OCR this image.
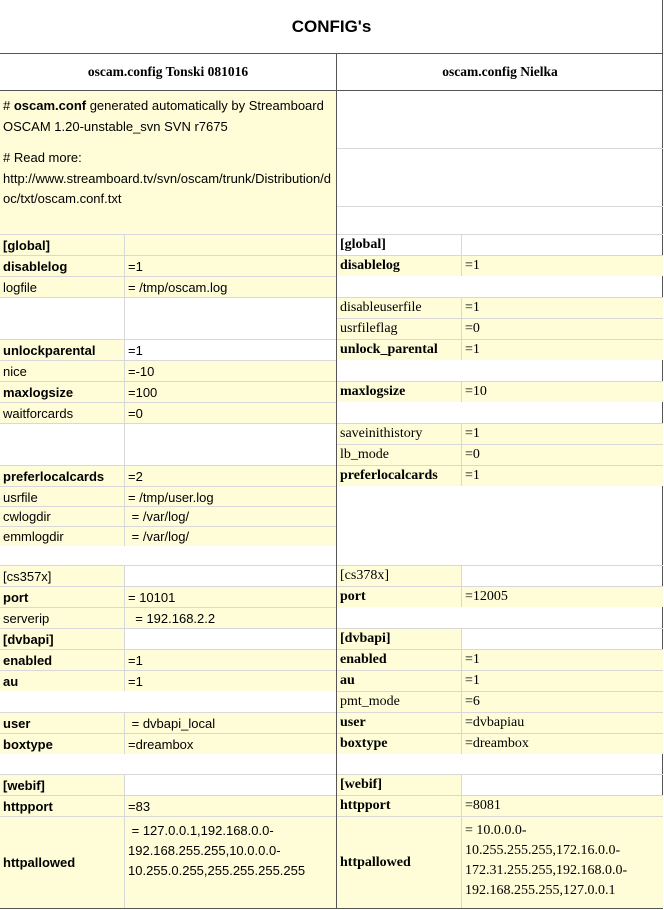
CONFIG's
oscam.config Tonski 081016

# oscam.conf generated automatically by Streamboard OSCAM 1.20-unstable_svn SVN r7675

# Read more:
http://www.streamboard.tv/svn/oscam/trunk/Distribution/doc/txt/oscam.conf.txt

[global]
disablelog	=1
logfile	= /tmp/oscam.log
unlockparental	=1
nice	=-10
maxlogsize	=100
waitforcards	=0
preferlocalcards	=2
usrfile	= /tmp/user.log
cwlogdir	= /var/log/
emmlogdir	= /var/log/
[cs357x]
port	= 10101
serverip	= 192.168.2.2
[dvbapi]
enabled	=1
au	=1
user	= dvbapi_local
boxtype	=dreambox
[webif]
httpport	=83
httpallowed
= 127.0.0.1,192.168.0.0-192.168.255.255,10.0.0.0-10.255.0.255,255.255.255.255
oscam.config Nielka
[global]
disablelog	=1
disableuserfile	=1
usrfileflag	=0
unlock_parental	=1
maxlogsize	=10
saveinithistory	=1
lb_mode	=0
preferlocalcards	=1
[cs378x]
port	=12005
[dvbapi]
enabled	=1
au	=1
pmt_mode	=6
user	=dvbapiau
boxtype	=dreambox
[webif]
httpport	=8081
httpallowed
= 10.0.0.0-10.255.255.255,172.16.0.0-172.31.255.255,192.168.0.0-192.168.255.255,127.0.0.1
